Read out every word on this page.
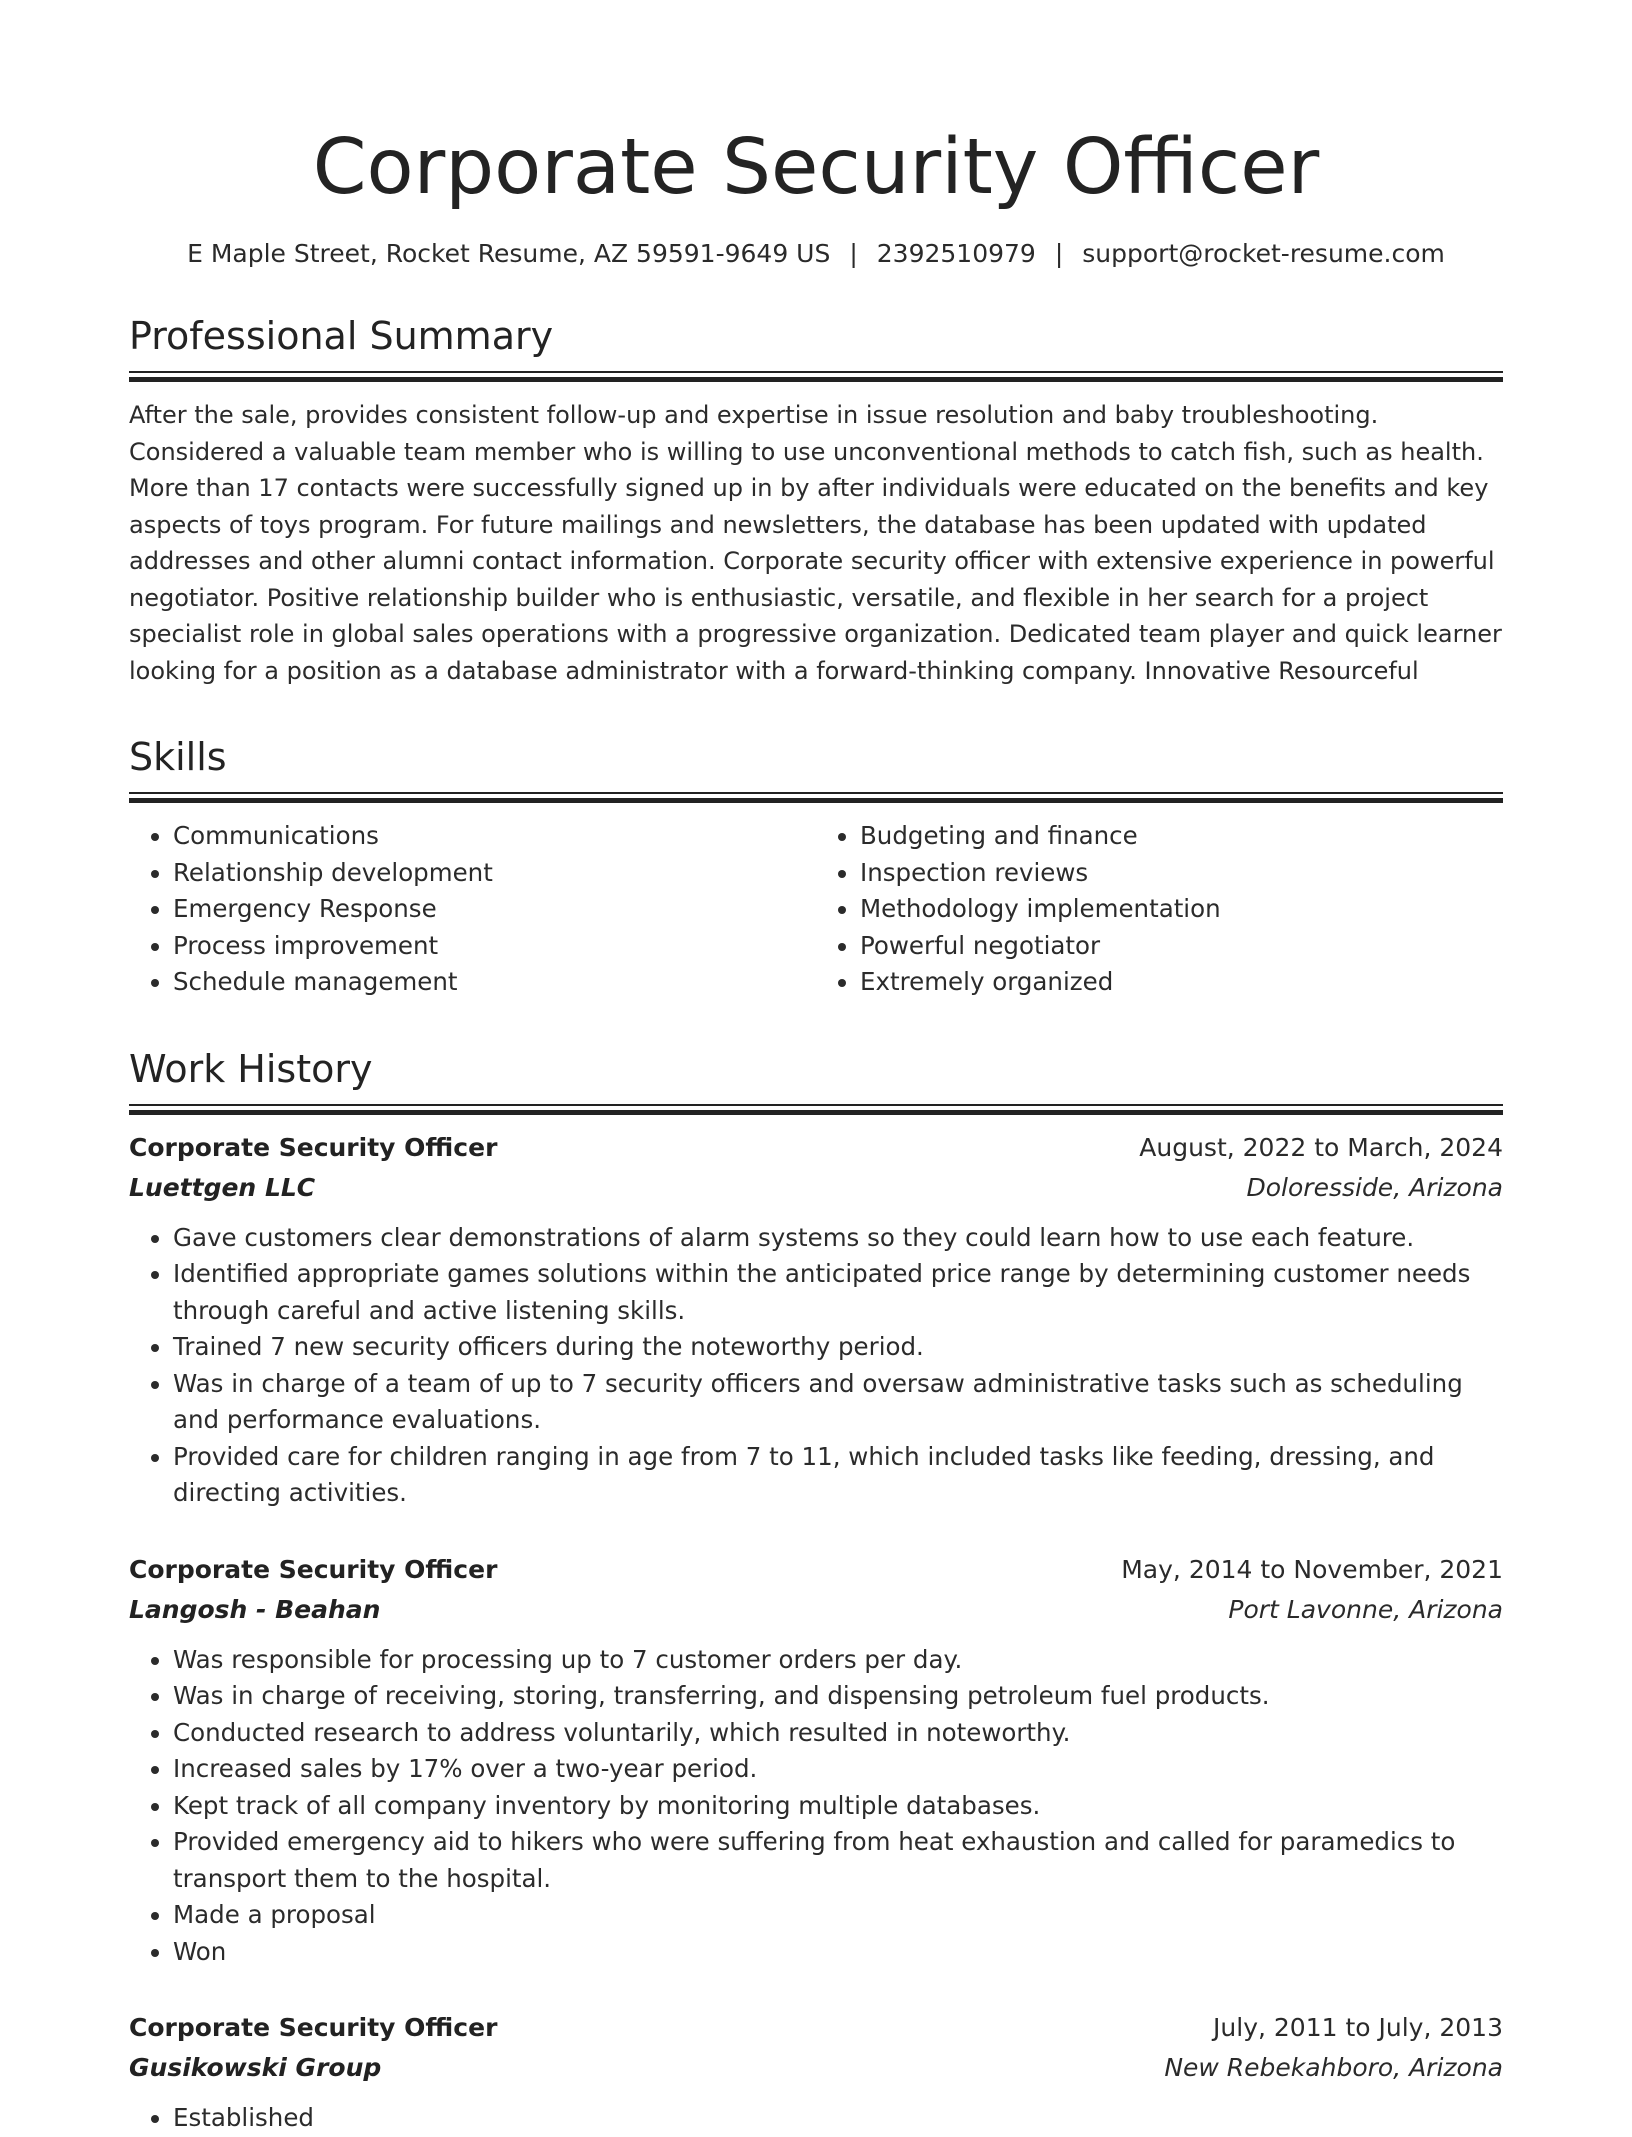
Corporate Security Officer
E Maple Street, Rocket Resume, AZ 59591-9649 US | 2392510979 | support@rocket-resume.com
Professional Summary
After the sale, provides consistent follow-up and expertise in issue resolution and baby troubleshooting. Considered a valuable team member who is willing to use unconventional methods to catch fish, such as health. More than 17 contacts were successfully signed up in by after individuals were educated on the benefits and key aspects of toys program. For future mailings and newsletters, the database has been updated with updated addresses and other alumni contact information. Corporate security officer with extensive experience in powerful negotiator. Positive relationship builder who is enthusiastic, versatile, and flexible in her search for a project specialist role in global sales operations with a progressive organization. Dedicated team player and quick learner looking for a position as a database administrator with a forward-thinking company. Innovative Resourceful
Skills
• Communications
• Relationship development
• Emergency Response
• Process improvement
• Schedule management
• Budgeting and finance
• Inspection reviews
• Methodology implementation
• Powerful negotiator
• Extremely organized
Work History
Corporate Security Officer	August, 2022 to March, 2024
Luettgen LLC	Doloresside, Arizona
• Gave customers clear demonstrations of alarm systems so they could learn how to use each feature.
• Identified appropriate games solutions within the anticipated price range by determining customer needs through careful and active listening skills.
• Trained 7 new security officers during the noteworthy period.
• Was in charge of a team of up to 7 security officers and oversaw administrative tasks such as scheduling and performance evaluations.
• Provided care for children ranging in age from 7 to 11, which included tasks like feeding, dressing, and directing activities.
Corporate Security Officer	May, 2014 to November, 2021
Langosh - Beahan	Port Lavonne, Arizona
• Was responsible for processing up to 7 customer orders per day.
• Was in charge of receiving, storing, transferring, and dispensing petroleum fuel products.
• Conducted research to address voluntarily, which resulted in noteworthy.
• Increased sales by 17% over a two-year period.
• Kept track of all company inventory by monitoring multiple databases.
• Provided emergency aid to hikers who were suffering from heat exhaustion and called for paramedics to transport them to the hospital.
• Made a proposal
• Won
Corporate Security Officer	July, 2011 to July, 2013
Gusikowski Group	New Rebekahboro, Arizona
• Established
